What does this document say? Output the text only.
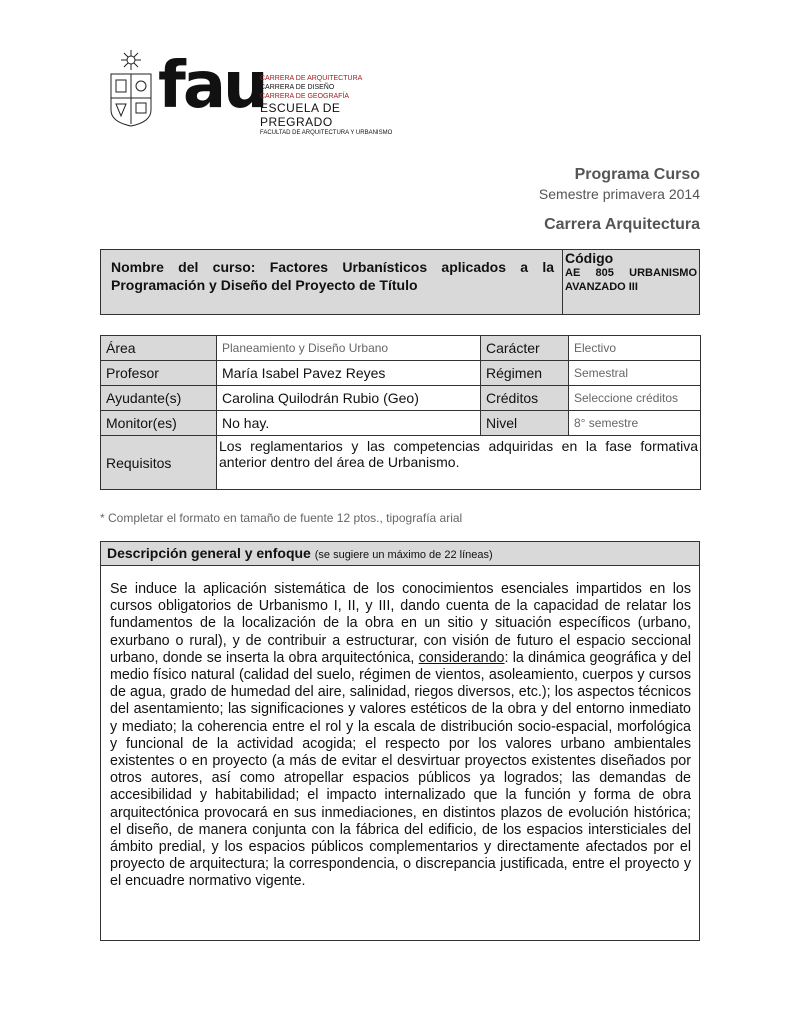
fau
CARRERA DE ARQUITECTURA
CARRERA DE DISEÑO
CARRERA DE GEOGRAFÍA
ESCUELA DE PREGRADO
FACULTAD DE ARQUITECTURA Y URBANISMO
Programa Curso
Semestre primavera 2014
Carrera Arquitectura
Nombre del curso: Factores Urbanísticos aplicados a la Programación y Diseño del Proyecto de Título
Código
AE 805 URBANISMO AVANZADO III
Área	Planeamiento y Diseño Urbano	Carácter	Electivo
Profesor	María Isabel Pavez Reyes	Régimen	Semestral
Ayudante(s)	Carolina Quilodrán Rubio (Geo)	Créditos	Seleccione créditos
Monitor(es)	No hay.	Nivel	8° semestre
Requisitos	Los reglamentarios y las competencias adquiridas en la fase formativa anterior dentro del área de Urbanismo.		
* Completar el formato en tamaño de fuente 12 ptos., tipografía arial
Descripción general y enfoque (se sugiere un máximo de 22 líneas)
Se induce la aplicación sistemática de los conocimientos esenciales impartidos en los cursos obligatorios de Urbanismo I, II, y III, dando cuenta de la capacidad de relatar los fundamentos de la localización de la obra en un sitio y situación específicos (urbano, exurbano o rural), y de contribuir a estructurar, con visión de futuro el espacio seccional urbano, donde se inserta la obra arquitectónica, considerando: la dinámica geográfica y del medio físico natural (calidad del suelo, régimen de vientos, asoleamiento, cuerpos y cursos de agua, grado de humedad del aire, salinidad, riegos diversos, etc.); los aspectos técnicos del asentamiento; las significaciones y valores estéticos de la obra y del entorno inmediato y mediato; la coherencia entre el rol y la escala de distribución socio-espacial, morfológica y funcional de la actividad acogida; el respecto por los valores urbano ambientales existentes o en proyecto (a más de evitar el desvirtuar proyectos existentes diseñados por otros autores, así como atropellar espacios públicos ya logrados; las demandas de accesibilidad y habitabilidad; el impacto internalizado que la función y forma de obra arquitectónica provocará en sus inmediaciones, en distintos plazos de evolución histórica; el diseño, de manera conjunta con la fábrica del edificio, de los espacios intersticiales del ámbito predial, y los espacios públicos complementarios y directamente afectados por el proyecto de arquitectura; la correspondencia, o discrepancia justificada, entre el proyecto y el encuadre normativo vigente.
